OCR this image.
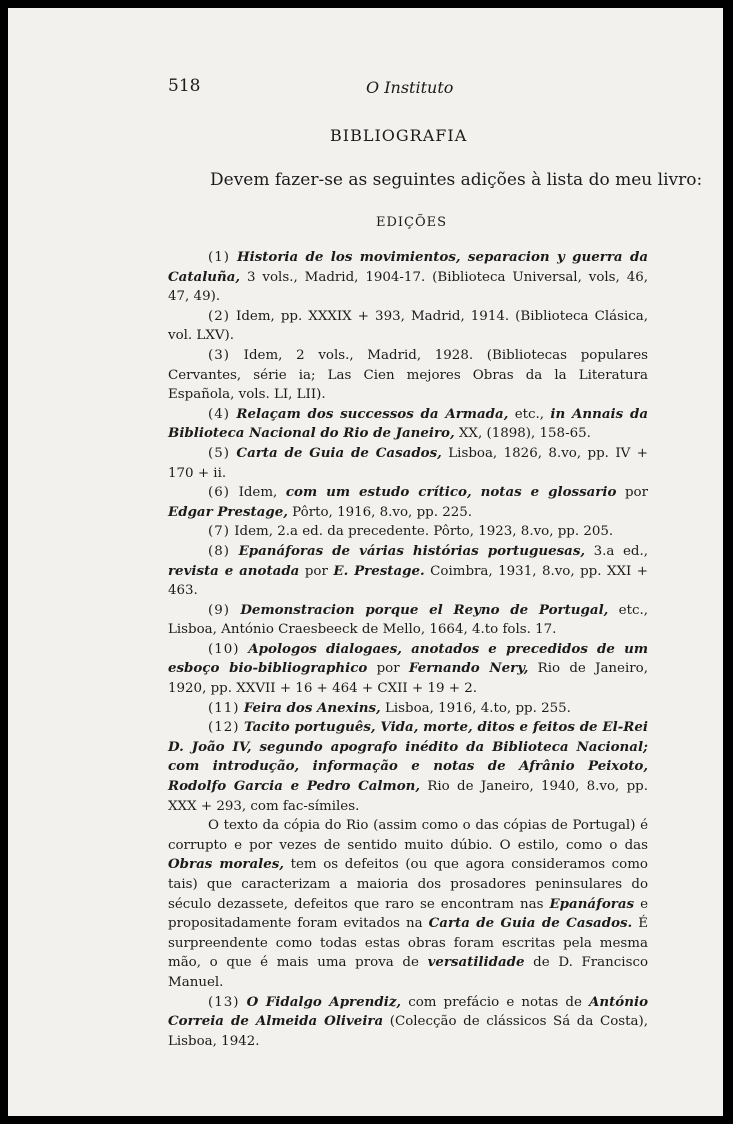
518	O Instituto
BIBLIOGRAFIA
Devem fazer-se as seguintes adições à lista do meu livro:
EDIÇÕES

(1) Historia de los movimientos, separacion y guerra da Cataluña, 3 vols., Madrid, 1904-17. (Biblioteca Universal, vols, 46, 47, 49).

(2) Idem, pp. XXXIX + 393, Madrid, 1914. (Biblioteca Clásica, vol. LXV).

(3) Idem, 2 vols., Madrid, 1928. (Bibliotecas populares Cervantes, série ia; Las Cien mejores Obras da la Literatura Española, vols. LI, LII).

(4) Relaçam dos successos da Armada, etc., in Annais da Biblioteca Nacional do Rio de Janeiro, XX, (1898), 158-65.

(5) Carta de Guia de Casados, Lisboa, 1826, 8.vo, pp. IV + 170 + ii.

(6) Idem, com um estudo crítico, notas e glossario por Edgar Prestage, Pôrto, 1916, 8.vo, pp. 225.

(7) Idem, 2.a ed. da precedente. Pôrto, 1923, 8.vo, pp. 205.

(8) Epanáforas de várias histórias portuguesas, 3.a ed., revista e anotada por E. Prestage. Coimbra, 1931, 8.vo, pp. XXI + 463.

(9) Demonstracion porque el Reyno de Portugal, etc., Lisboa, António Craesbeeck de Mello, 1664, 4.to fols. 17.

(10) Apologos dialogaes, anotados e precedidos de um esboço bio-bibliographico por Fernando Nery, Rio de Janeiro, 1920, pp. XXVII + 16 + 464 + CXII + 19 + 2.

(11) Feira dos Anexins, Lisboa, 1916, 4.to, pp. 255.

(12) Tacito português, Vida, morte, ditos e feitos de El-Rei D. João IV, segundo apografo inédito da Biblioteca Nacional; com introdução, informação e notas de Afrânio Peixoto, Rodolfo Garcia e Pedro Calmon, Rio de Janeiro, 1940, 8.vo, pp. XXX + 293, com fac-símiles.

O texto da cópia do Rio (assim como o das cópias de Portugal) é corrupto e por vezes de sentido muito dúbio. O estilo, como o das Obras morales, tem os defeitos (ou que agora consideramos como tais) que caracterizam a maioria dos prosadores peninsulares do século dezassete, defeitos que raro se encontram nas Epanáforas e propositadamente foram evitados na Carta de Guia de Casados. É surpreendente como todas estas obras foram escritas pela mesma mão, o que é mais uma prova de versatilidade de D. Francisco Manuel.

(13) O Fidalgo Aprendiz, com prefácio e notas de António Correia de Almeida Oliveira (Colecção de clássicos Sá da Costa), Lisboa, 1942.
